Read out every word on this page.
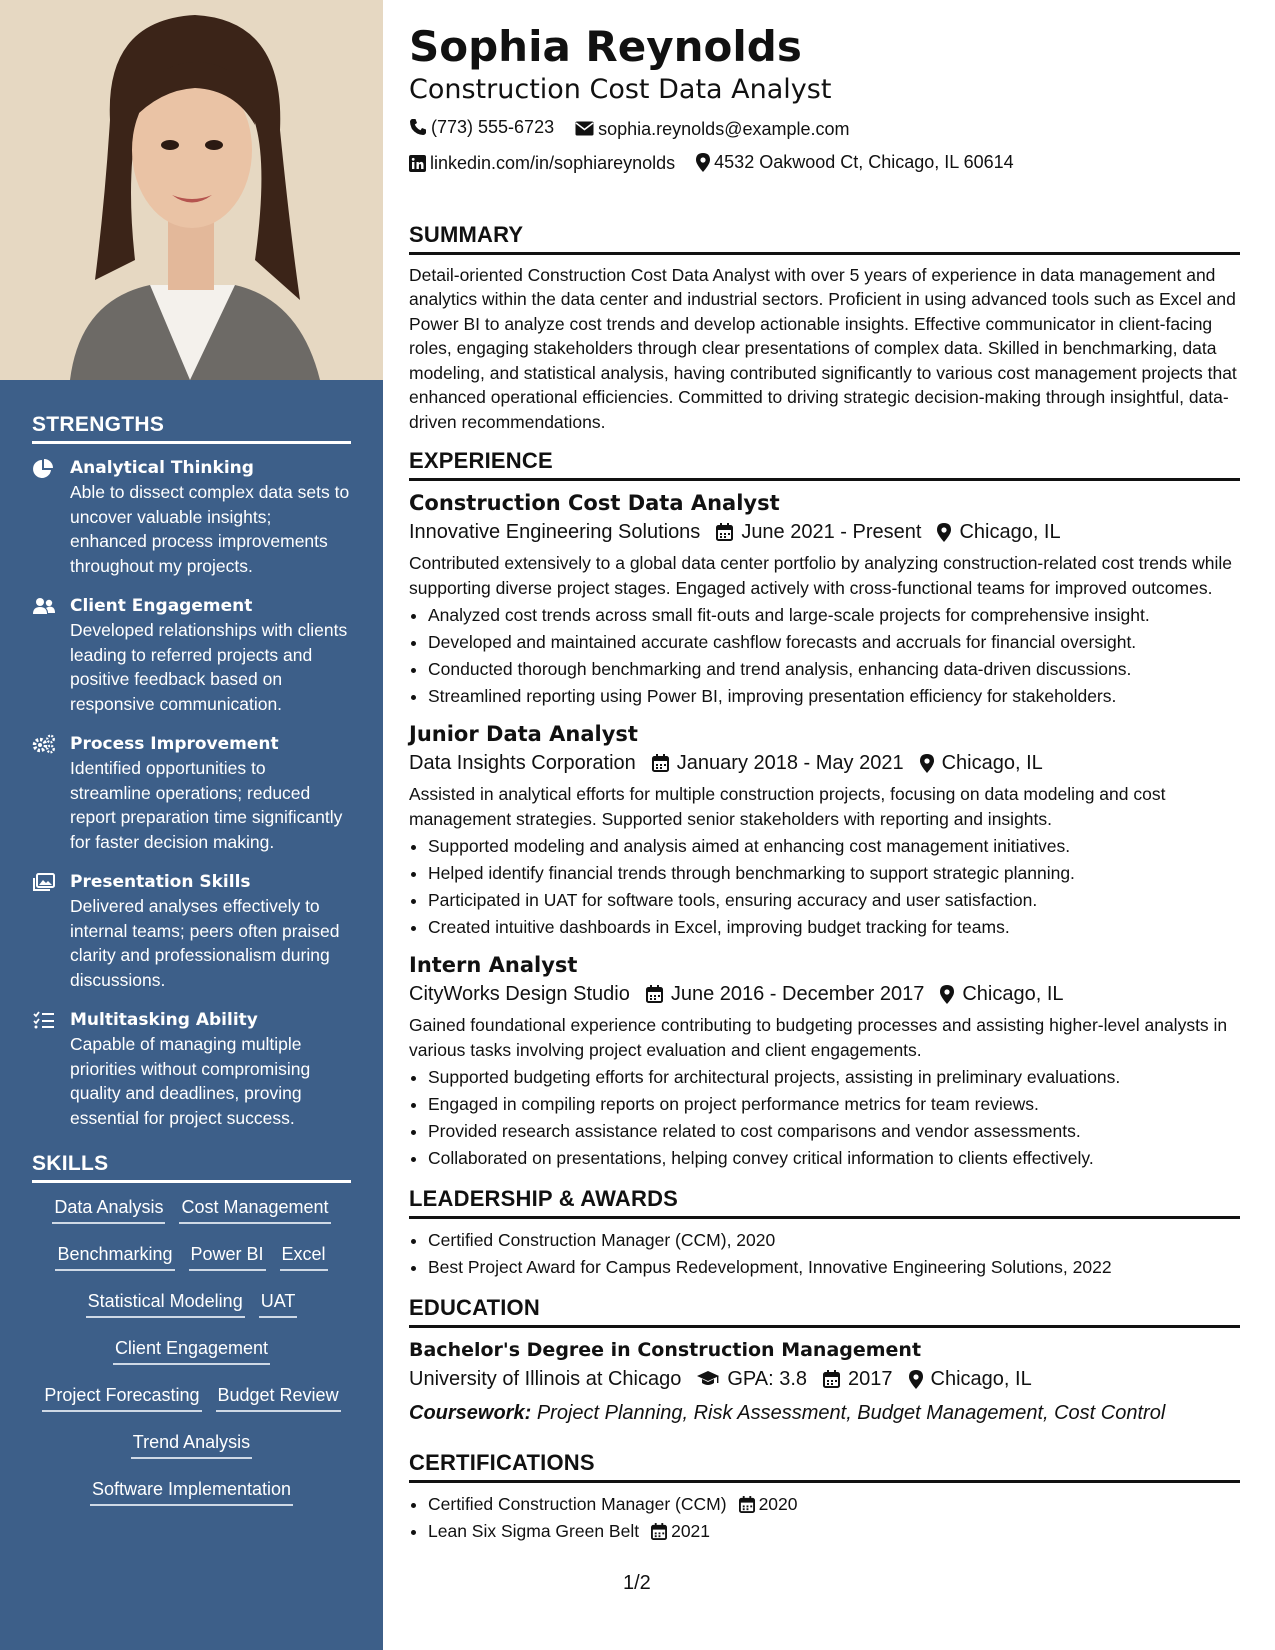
STRENGTHS
Analytical Thinking
Able to dissect complex data sets to uncover valuable insights; enhanced process improvements throughout my projects.
Client Engagement
Developed relationships with clients leading to referred projects and positive feedback based on responsive communication.
Process Improvement
Identified opportunities to streamline operations; reduced report preparation time significantly for faster decision making.
Presentation Skills
Delivered analyses effectively to internal teams; peers often praised clarity and professionalism during discussions.
Multitasking Ability
Capable of managing multiple priorities without compromising quality and deadlines, proving essential for project success.
SKILLS
Data Analysis Cost Management
Benchmarking Power BI Excel
Statistical Modeling UAT
Client Engagement
Project Forecasting Budget Review
Trend Analysis
Software Implementation
Sophia Reynolds
Construction Cost Data Analyst
(773) 555-6723
sophia.reynolds@example.com
linkedin.com/in/sophiareynolds
4532 Oakwood Ct, Chicago, IL 60614
SUMMARY
Detail-oriented Construction Cost Data Analyst with over 5 years of experience in data management and analytics within the data center and industrial sectors. Proficient in using advanced tools such as Excel and Power BI to analyze cost trends and develop actionable insights. Effective communicator in client-facing roles, engaging stakeholders through clear presentations of complex data. Skilled in benchmarking, data modeling, and statistical analysis, having contributed significantly to various cost management projects that enhanced operational efficiencies. Committed to driving strategic decision-making through insightful, data-driven recommendations.
EXPERIENCE
Construction Cost Data Analyst
Innovative Engineering Solutions June 2021 - Present Chicago, IL
Contributed extensively to a global data center portfolio by analyzing construction-related cost trends while supporting diverse project stages. Engaged actively with cross-functional teams for improved outcomes.
• Analyzed cost trends across small fit-outs and large-scale projects for comprehensive insight.
• Developed and maintained accurate cashflow forecasts and accruals for financial oversight.
• Conducted thorough benchmarking and trend analysis, enhancing data-driven discussions.
• Streamlined reporting using Power BI, improving presentation efficiency for stakeholders.
Junior Data Analyst
Data Insights Corporation January 2018 - May 2021 Chicago, IL
Assisted in analytical efforts for multiple construction projects, focusing on data modeling and cost management strategies. Supported senior stakeholders with reporting and insights.
• Supported modeling and analysis aimed at enhancing cost management initiatives.
• Helped identify financial trends through benchmarking to support strategic planning.
• Participated in UAT for software tools, ensuring accuracy and user satisfaction.
• Created intuitive dashboards in Excel, improving budget tracking for teams.
Intern Analyst
CityWorks Design Studio June 2016 - December 2017 Chicago, IL
Gained foundational experience contributing to budgeting processes and assisting higher-level analysts in various tasks involving project evaluation and client engagements.
• Supported budgeting efforts for architectural projects, assisting in preliminary evaluations.
• Engaged in compiling reports on project performance metrics for team reviews.
• Provided research assistance related to cost comparisons and vendor assessments.
• Collaborated on presentations, helping convey critical information to clients effectively.
LEADERSHIP & AWARDS
• Certified Construction Manager (CCM), 2020
• Best Project Award for Campus Redevelopment, Innovative Engineering Solutions, 2022
EDUCATION
Bachelor's Degree in Construction Management
University of Illinois at Chicago GPA: 3.8 2017 Chicago, IL
Coursework: Project Planning, Risk Assessment, Budget Management, Cost Control
CERTIFICATIONS
• Certified Construction Manager (CCM) 2020
• Lean Six Sigma Green Belt 2021
1/2
